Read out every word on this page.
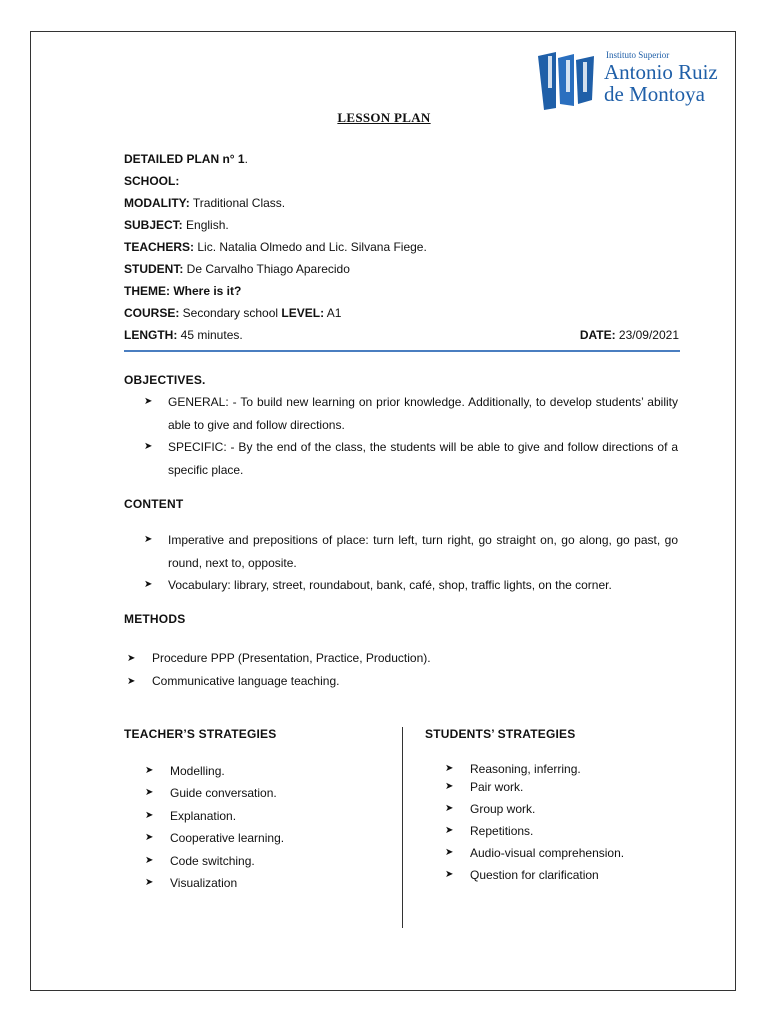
Instituto Superior
Antonio Ruiz
de Montoya
LESSON PLAN
DETAILED PLAN n° 1.
SCHOOL:
MODALITY: Traditional Class.
SUBJECT: English.
TEACHERS: Lic. Natalia Olmedo and Lic. Silvana Fiege.
STUDENT: De Carvalho Thiago Aparecido
THEME: Where is it?
COURSE: Secondary school LEVEL: A1
LENGTH: 45 minutes.	DATE: 23/09/2021
OBJECTIVES.
➤ GENERAL: - To build new learning on prior knowledge. Additionally, to develop students’ ability able to give and follow directions.
➤ SPECIFIC: - By the end of the class, the students will be able to give and follow directions of a specific place.
CONTENT
➤ Imperative and prepositions of place: turn left, turn right, go straight on, go along, go past, go round, next to, opposite.
➤ Vocabulary: library, street, roundabout, bank, café, shop, traffic lights, on the corner.
METHODS
➤ Procedure PPP (Presentation, Practice, Production).
➤ Communicative language teaching.
TEACHER’S STRATEGIES	STUDENTS’ STRATEGIES
➤ Modelling.
➤ Guide conversation.
➤ Explanation.
➤ Cooperative learning.
➤ Code switching.
➤ Visualization
➤ Reasoning, inferring.
➤ Pair work.
➤ Group work.
➤ Repetitions.
➤ Audio-visual comprehension.
➤ Question for clarification
